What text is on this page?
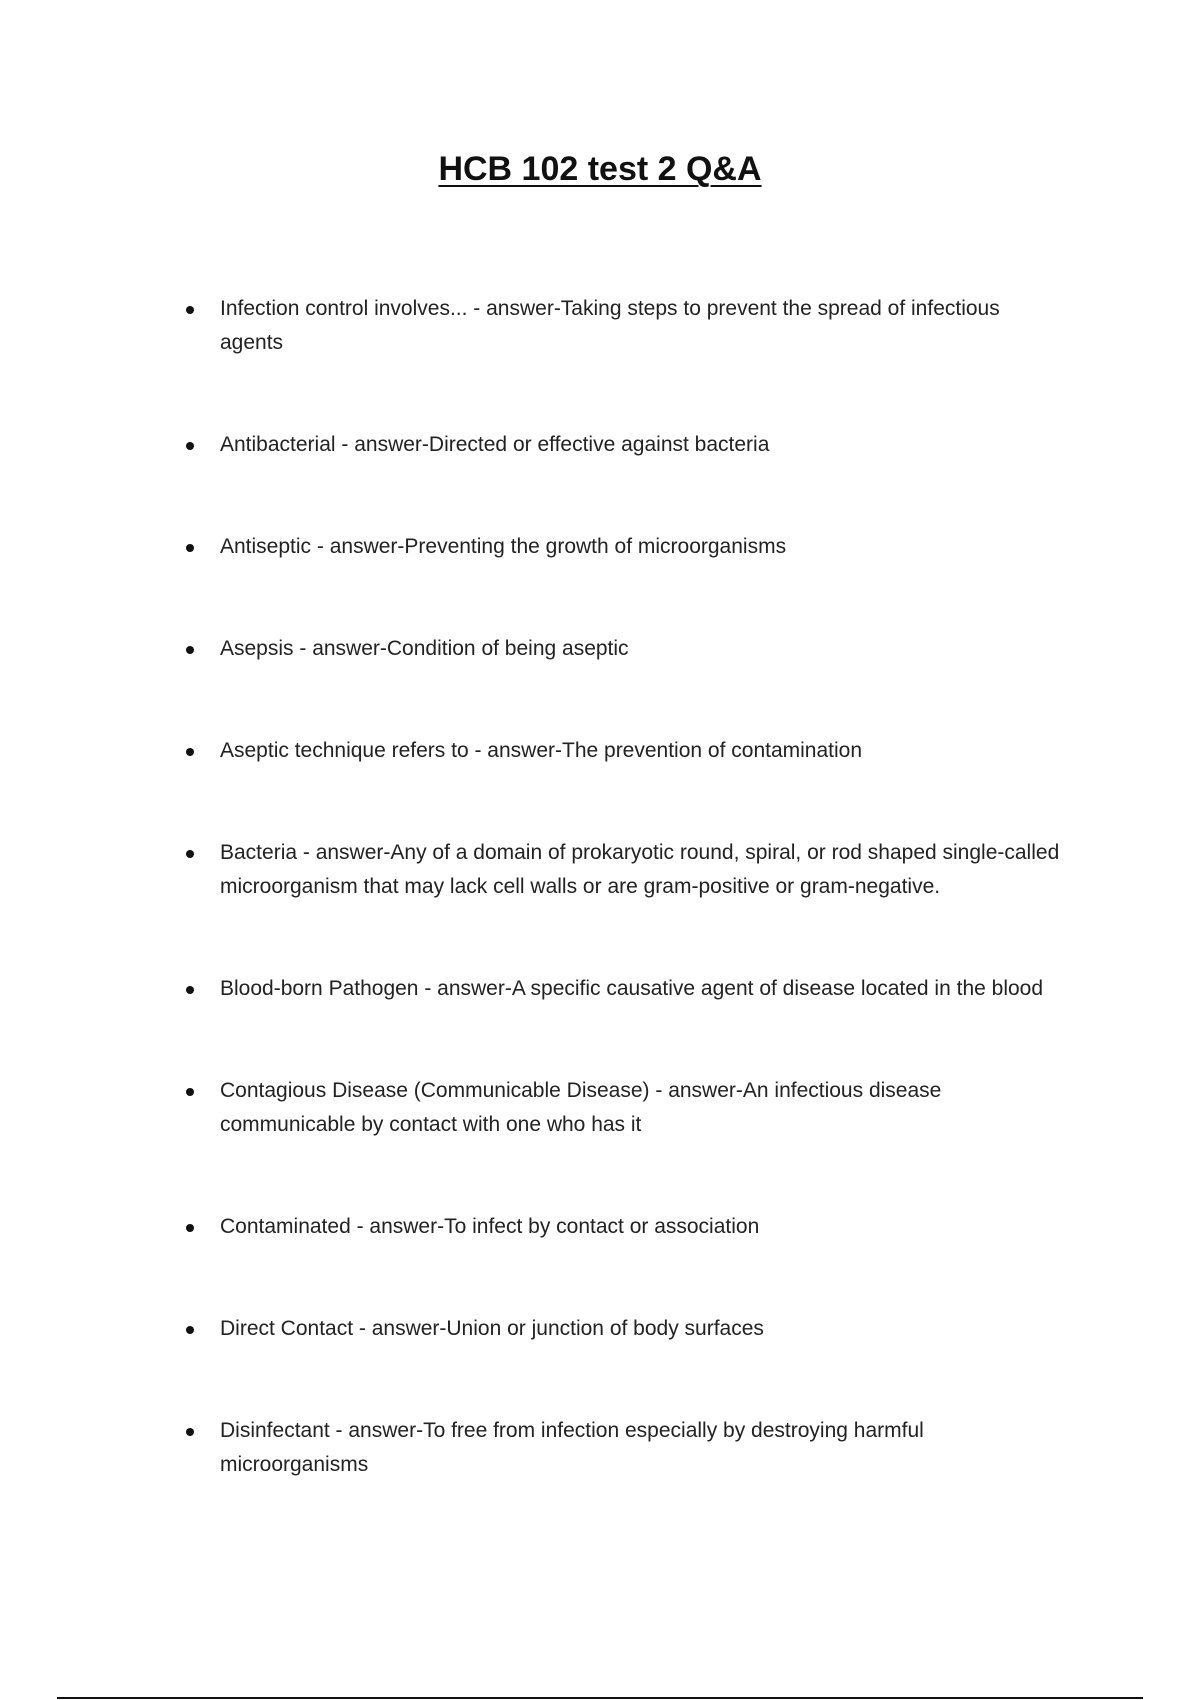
HCB 102 test 2 Q&A
Infection control involves... - answer-Taking steps to prevent the spread of infectious agents
Antibacterial - answer-Directed or effective against bacteria
Antiseptic - answer-Preventing the growth of microorganisms
Asepsis - answer-Condition of being aseptic
Aseptic technique refers to - answer-The prevention of contamination
Bacteria - answer-Any of a domain of prokaryotic round, spiral, or rod shaped single-called microorganism that may lack cell walls or are gram-positive or gram-negative.
Blood-born Pathogen - answer-A specific causative agent of disease located in the blood
Contagious Disease (Communicable Disease) - answer-An infectious disease communicable by contact with one who has it
Contaminated - answer-To infect by contact or association
Direct Contact - answer-Union or junction of body surfaces
Disinfectant - answer-To free from infection especially by destroying harmful microorganisms
